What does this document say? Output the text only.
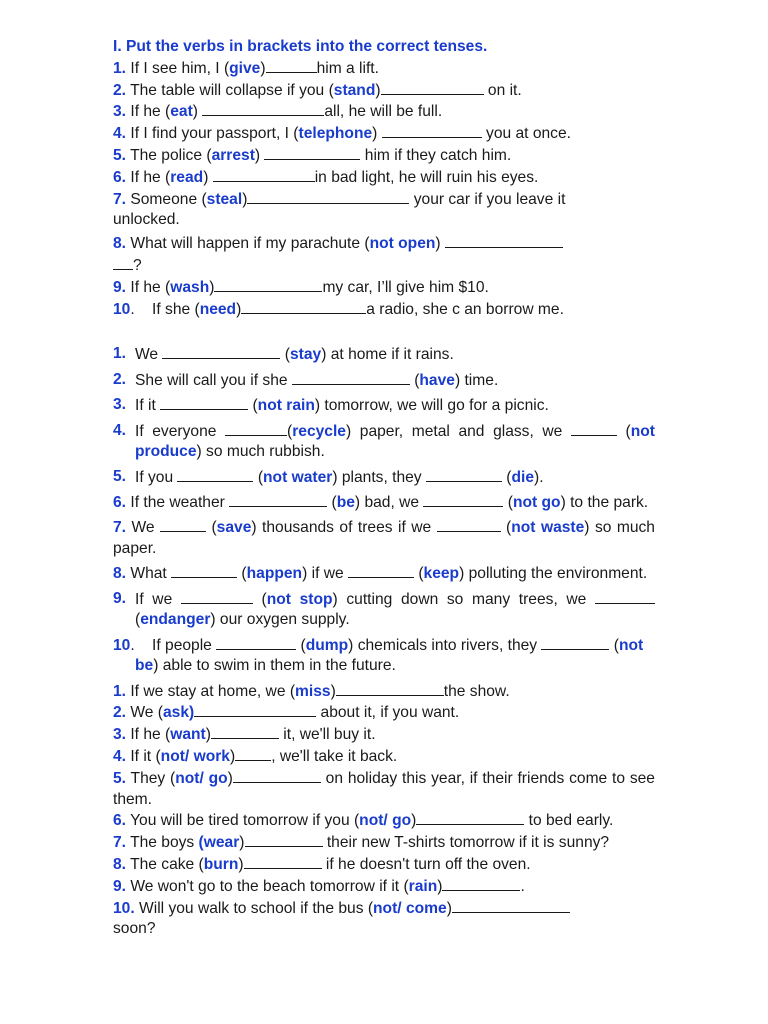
I. Put the verbs in brackets into the correct tenses.
1. If I see him, I (give)	him a lift.
2. The table will collapse if you (stand)	on it.
3. If he (eat)	all, he will be full.
4. If I find your passport, I (telephone)	you at once.
5. The police (arrest)	him if they catch him.
6. If he (read)	in bad light, he will ruin his eyes.
7. Someone (steal)	your car if you leave it
unlocked.
8. What will happen if my parachute (not open)
?
9. If he (wash)	my car, I’ll give him $10.
10.    If she (need)	a radio, she c an borrow me.
1. We	(stay) at home if it rains.
2. She will call you if she	(have) time.
3. If it	(not rain) tomorrow, we will go for a picnic.
4. If everyone	(recycle) paper, metal and glass, we	(not produce) so much rubbish.
5. If you	(not water) plants, they	(die).
6. If the weather	(be) bad, we	(not go) to the park.
7. We	(save) thousands of trees if we	(not waste) so much paper.
8. What	(happen) if we	(keep) polluting the environment.
9. If we	(not stop) cutting down so many trees, we  (endanger) our oxygen supply.
10.    If people	(dump) chemicals into rivers, they	(not be) able to swim in them in the future.
1. If we stay at home, we (miss)	the show.
2. We (ask)	about it, if you want.
3. If he (want)	it, we'll buy it.
4. If it (not/ work) , we'll take it back.
5. They (not/ go)	on holiday this year, if their friends come to see them.
6. You will be tired tomorrow if you (not/ go)	to bed early.
7. The boys (wear)	their new T-shirts tomorrow if it is sunny?
8. The cake (burn)	if he doesn't turn off the oven.
9. We won't go to the beach tomorrow if it (rain)	.
10. Will you walk to school if the bus (not/ come)
soon?
